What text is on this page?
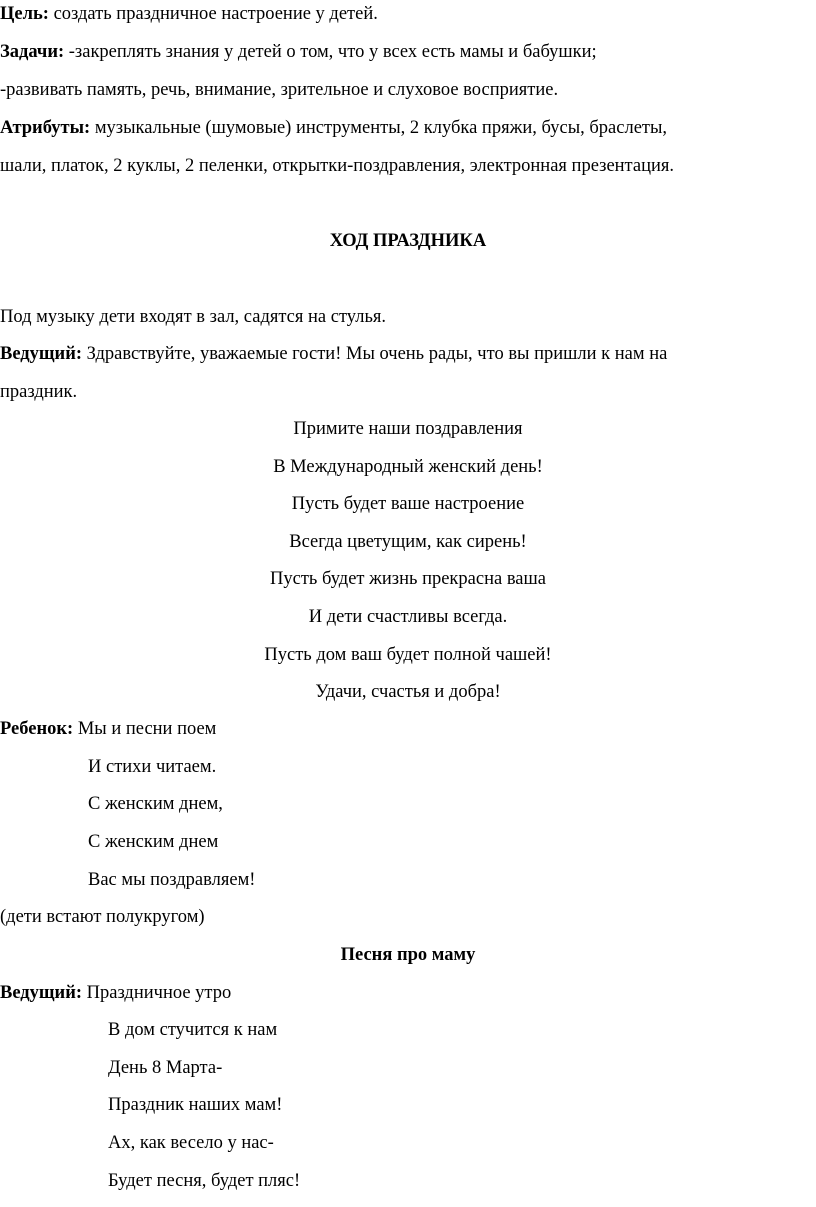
Цель: создать праздничное настроение у детей.
Задачи: -закреплять знания у детей о том, что у всех есть мамы и бабушки;
-развивать память, речь, внимание, зрительное и слуховое восприятие.
Атрибуты: музыкальные (шумовые) инструменты, 2 клубка пряжи, бусы, браслеты,
шали, платок, 2 куклы, 2 пеленки, открытки-поздравления, электронная презентация.
ХОД ПРАЗДНИКА
Под музыку дети входят в зал, садятся на стулья.
Ведущий: Здравствуйте, уважаемые гости! Мы очень рады, что вы пришли к нам на
праздник.
Примите наши поздравления
В Международный женский день!
Пусть будет ваше настроение
Всегда цветущим, как сирень!
Пусть будет жизнь прекрасна ваша
И дети счастливы всегда.
Пусть дом ваш будет полной чашей!
Удачи, счастья и добра!
Ребенок: Мы и песни поем
И стихи читаем.
С женским днем,
С женским днем
Вас мы поздравляем!
(дети встают полукругом)
Песня про маму
Ведущий: Праздничное утро
В дом стучится к нам
День 8 Марта-
Праздник наших мам!
Ах, как весело у нас-
Будет песня, будет пляс!
